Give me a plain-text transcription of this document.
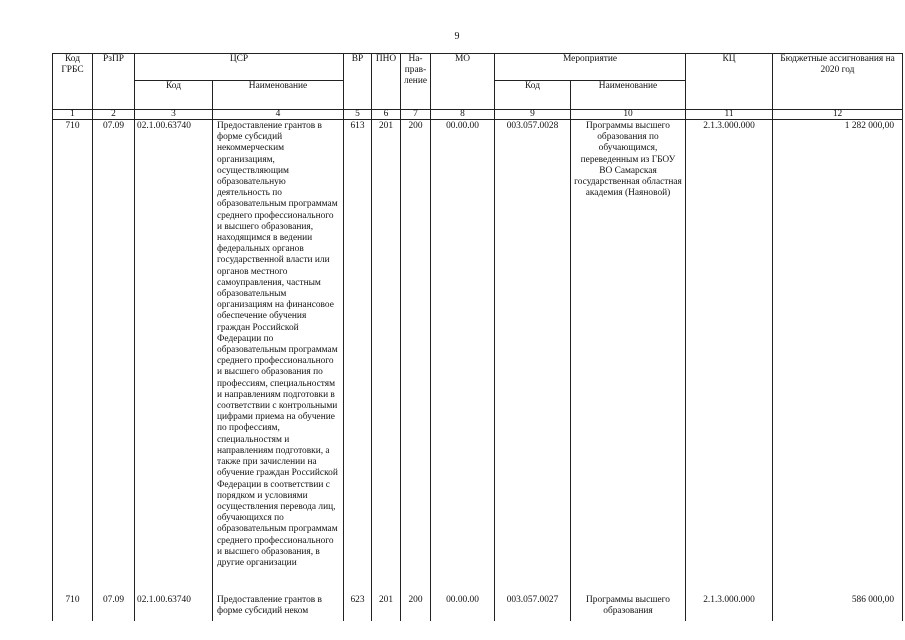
9
Код ГРБС	РзПР	ЦСР		ВР	ПНО	Направление	МО	Мероприятие		КЦ	Бюджетные ассигнования на 2020 год
		Код	Наименование					Код	Наименование		
1	2	3	4	5	6	7	8	9	10	11	12
710	07.09	02.1.00.63740	Предоставление грантов в форме субсидий некоммерческим организациям, осуществляющим образовательную деятельность по образовательным программам среднего профессионального и высшего образования, находящимся в ведении федеральных органов государственной власти или органов местного самоуправления, частным образовательным организациям на финансовое обеспечение обучения граждан Российской Федерации по образовательным программам среднего профессионального и высшего образования по профессиям, специальностям и направлениям подготовки в соответствии с контрольными цифрами приема на обучение по профессиям, специальностям и направлениям подготовки, а также при зачислении на обучение граждан Российской Федерации в соответствии с порядком и условиями осуществления перевода лиц, обучающихся по образовательным программам среднего профессионального и высшего образования, в другие организации	613	201	200	00.00.00	003.057.0028	Программы высшего образования по обучающимся, переведенным из ГБОУ ВО Самарская государственная областная академия (Наяновой)	2.1.3.000.000	1 282 000,00
710	07.09	02.1.00.63740	Предоставление грантов в форме субсидий неком	623	201	200	00.00.00	003.057.0027	Программы высшего образования	2.1.3.000.000	586 000,00
